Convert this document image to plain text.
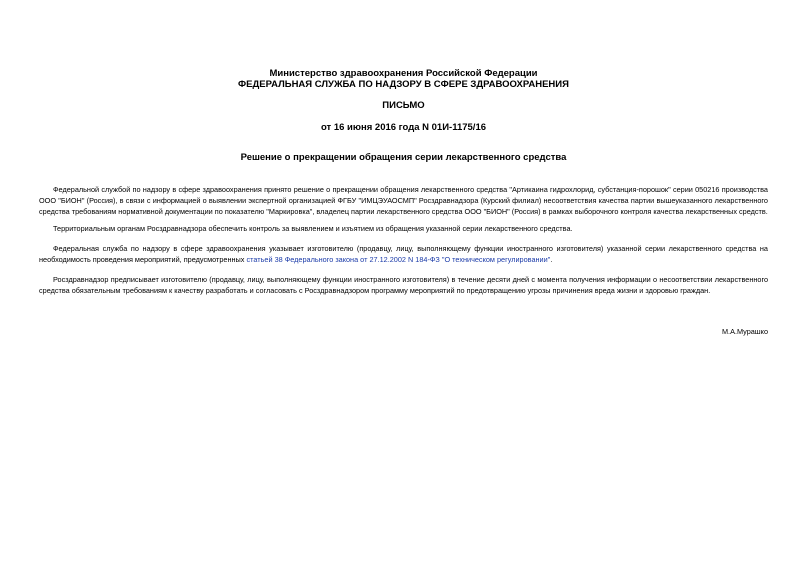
Министерство здравоохранения Российской Федерации
ФЕДЕРАЛЬНАЯ СЛУЖБА ПО НАДЗОРУ В СФЕРЕ ЗДРАВООХРАНЕНИЯ
ПИСЬМО
от 16 июня 2016 года N 01И-1175/16
Решение о прекращении обращения серии лекарственного средства

Федеральной службой по надзору в сфере здравоохранения принято решение о прекращении обращения лекарственного средства "Артикаина гидрохлорид, субстанция-порошок" серии 050216 производства ООО "БИОН" (Россия), в связи с информацией о выявлении экспертной организацией ФГБУ "ИМЦЭУАОСМП" Росздравнадзора (Курский филиал) несоответствия качества партии вышеуказанного лекарственного средства требованиям нормативной документации по показателю "Маркировка", владелец партии лекарственного средства ООО "БИОН" (Россия) в рамках выборочного контроля качества лекарственных средств.

Территориальным органам Росздравнадзора обеспечить контроль за выявлением и изъятием из обращения указанной серии лекарственного средства.

Федеральная служба по надзору в сфере здравоохранения указывает изготовителю (продавцу, лицу, выполняющему функции иностранного изготовителя) указанной серии лекарственного средства на необходимость проведения мероприятий, предусмотренных статьей 38 Федерального закона от 27.12.2002 N 184-ФЗ "О техническом регулировании".

Росздравнадзор предписывает изготовителю (продавцу, лицу, выполняющему функции иностранного изготовителя) в течение десяти дней с момента получения информации о несоответствии лекарственного средства обязательным требованиям к качеству разработать и согласовать с Росздравнадзором программу мероприятий по предотвращению угрозы причинения вреда жизни и здоровью граждан.

М.А.Мурашко
